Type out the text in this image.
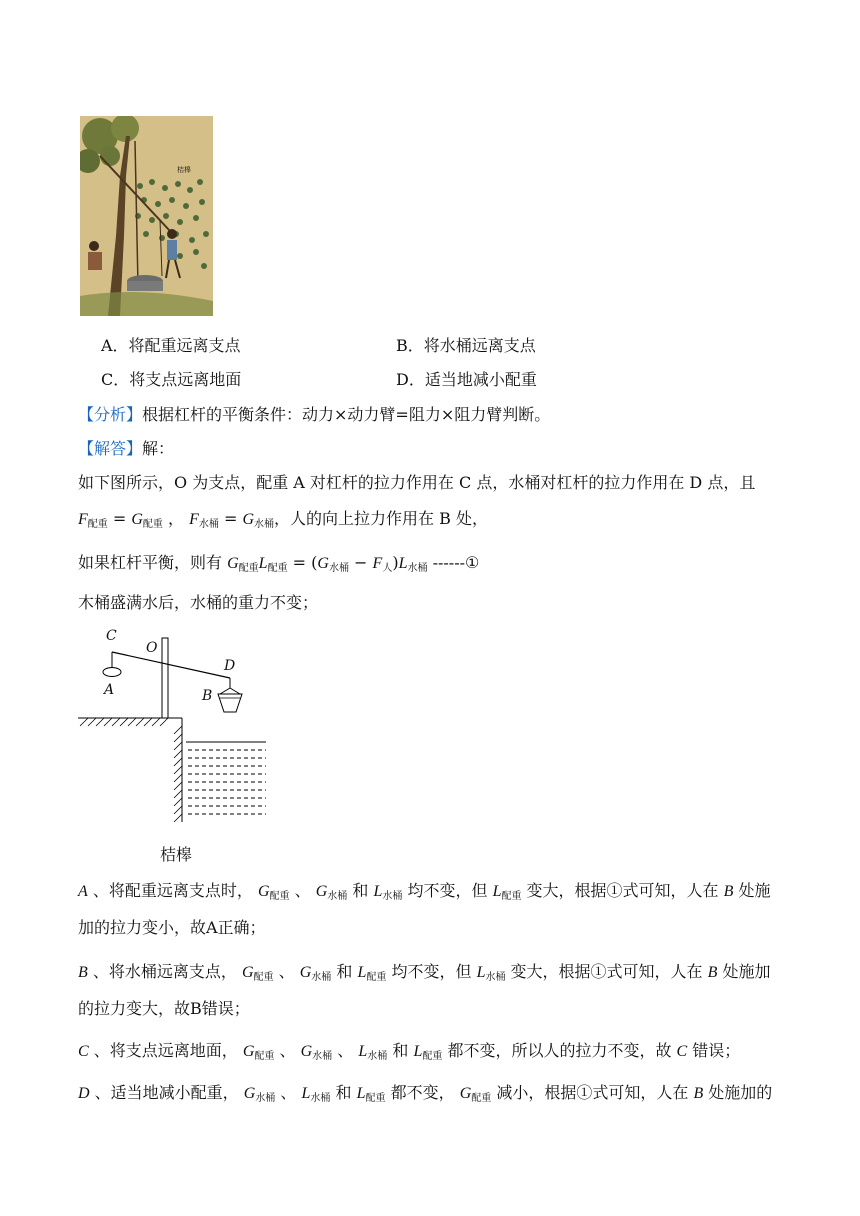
桔槔
A．将配重远离支点	B．将水桶远离支点
C．将支点远离地面	D．适当地减小配重
【分析】根据杠杆的平衡条件：动力×动力臂=阻力×阻力臂判断。
【解答】解：
如下图所示，O 为支点，配重 A 对杠杆的拉力作用在 C 点，水桶对杠杆的拉力作用在 D 点，且
$F_{配重} = G_{配重}$ ， $F_{水桶} = G_{水桶}$，人的向上拉力作用在 B 处，
如果杠杆平衡，则有 $G_{配重}L_{配重} = (G_{水桶} - F_人)L_{水桶}$ ------①
木桶盛满水后，水桶的重力不变；
C
O
D
A	B
桔槔
A 、将配重远离支点时， $G_{配重}$ 、 $G_{水桶}$ 和 $L_{水桶}$ 均不变，但 $L_{配重}$ 变大，根据①式可知，人在 B 处施
加的拉力变小，故A正确；
B 、将水桶远离支点， $G_{配重}$ 、 $G_{水桶}$ 和 $L_{配重}$ 均不变，但 $L_{水桶}$ 变大，根据①式可知，人在 B 处施加
的拉力变大，故B错误；
C 、将支点远离地面， $G_{配重}$ 、 $G_{水桶}$ 、 $L_{水桶}$ 和 $L_{配重}$ 都不变，所以人的拉力不变，故 C 错误；
D 、适当地减小配重， $G_{水桶}$ 、 $L_{水桶}$ 和 $L_{配重}$ 都不变， $G_{配重}$ 减小，根据①式可知，人在 B 处施加的
